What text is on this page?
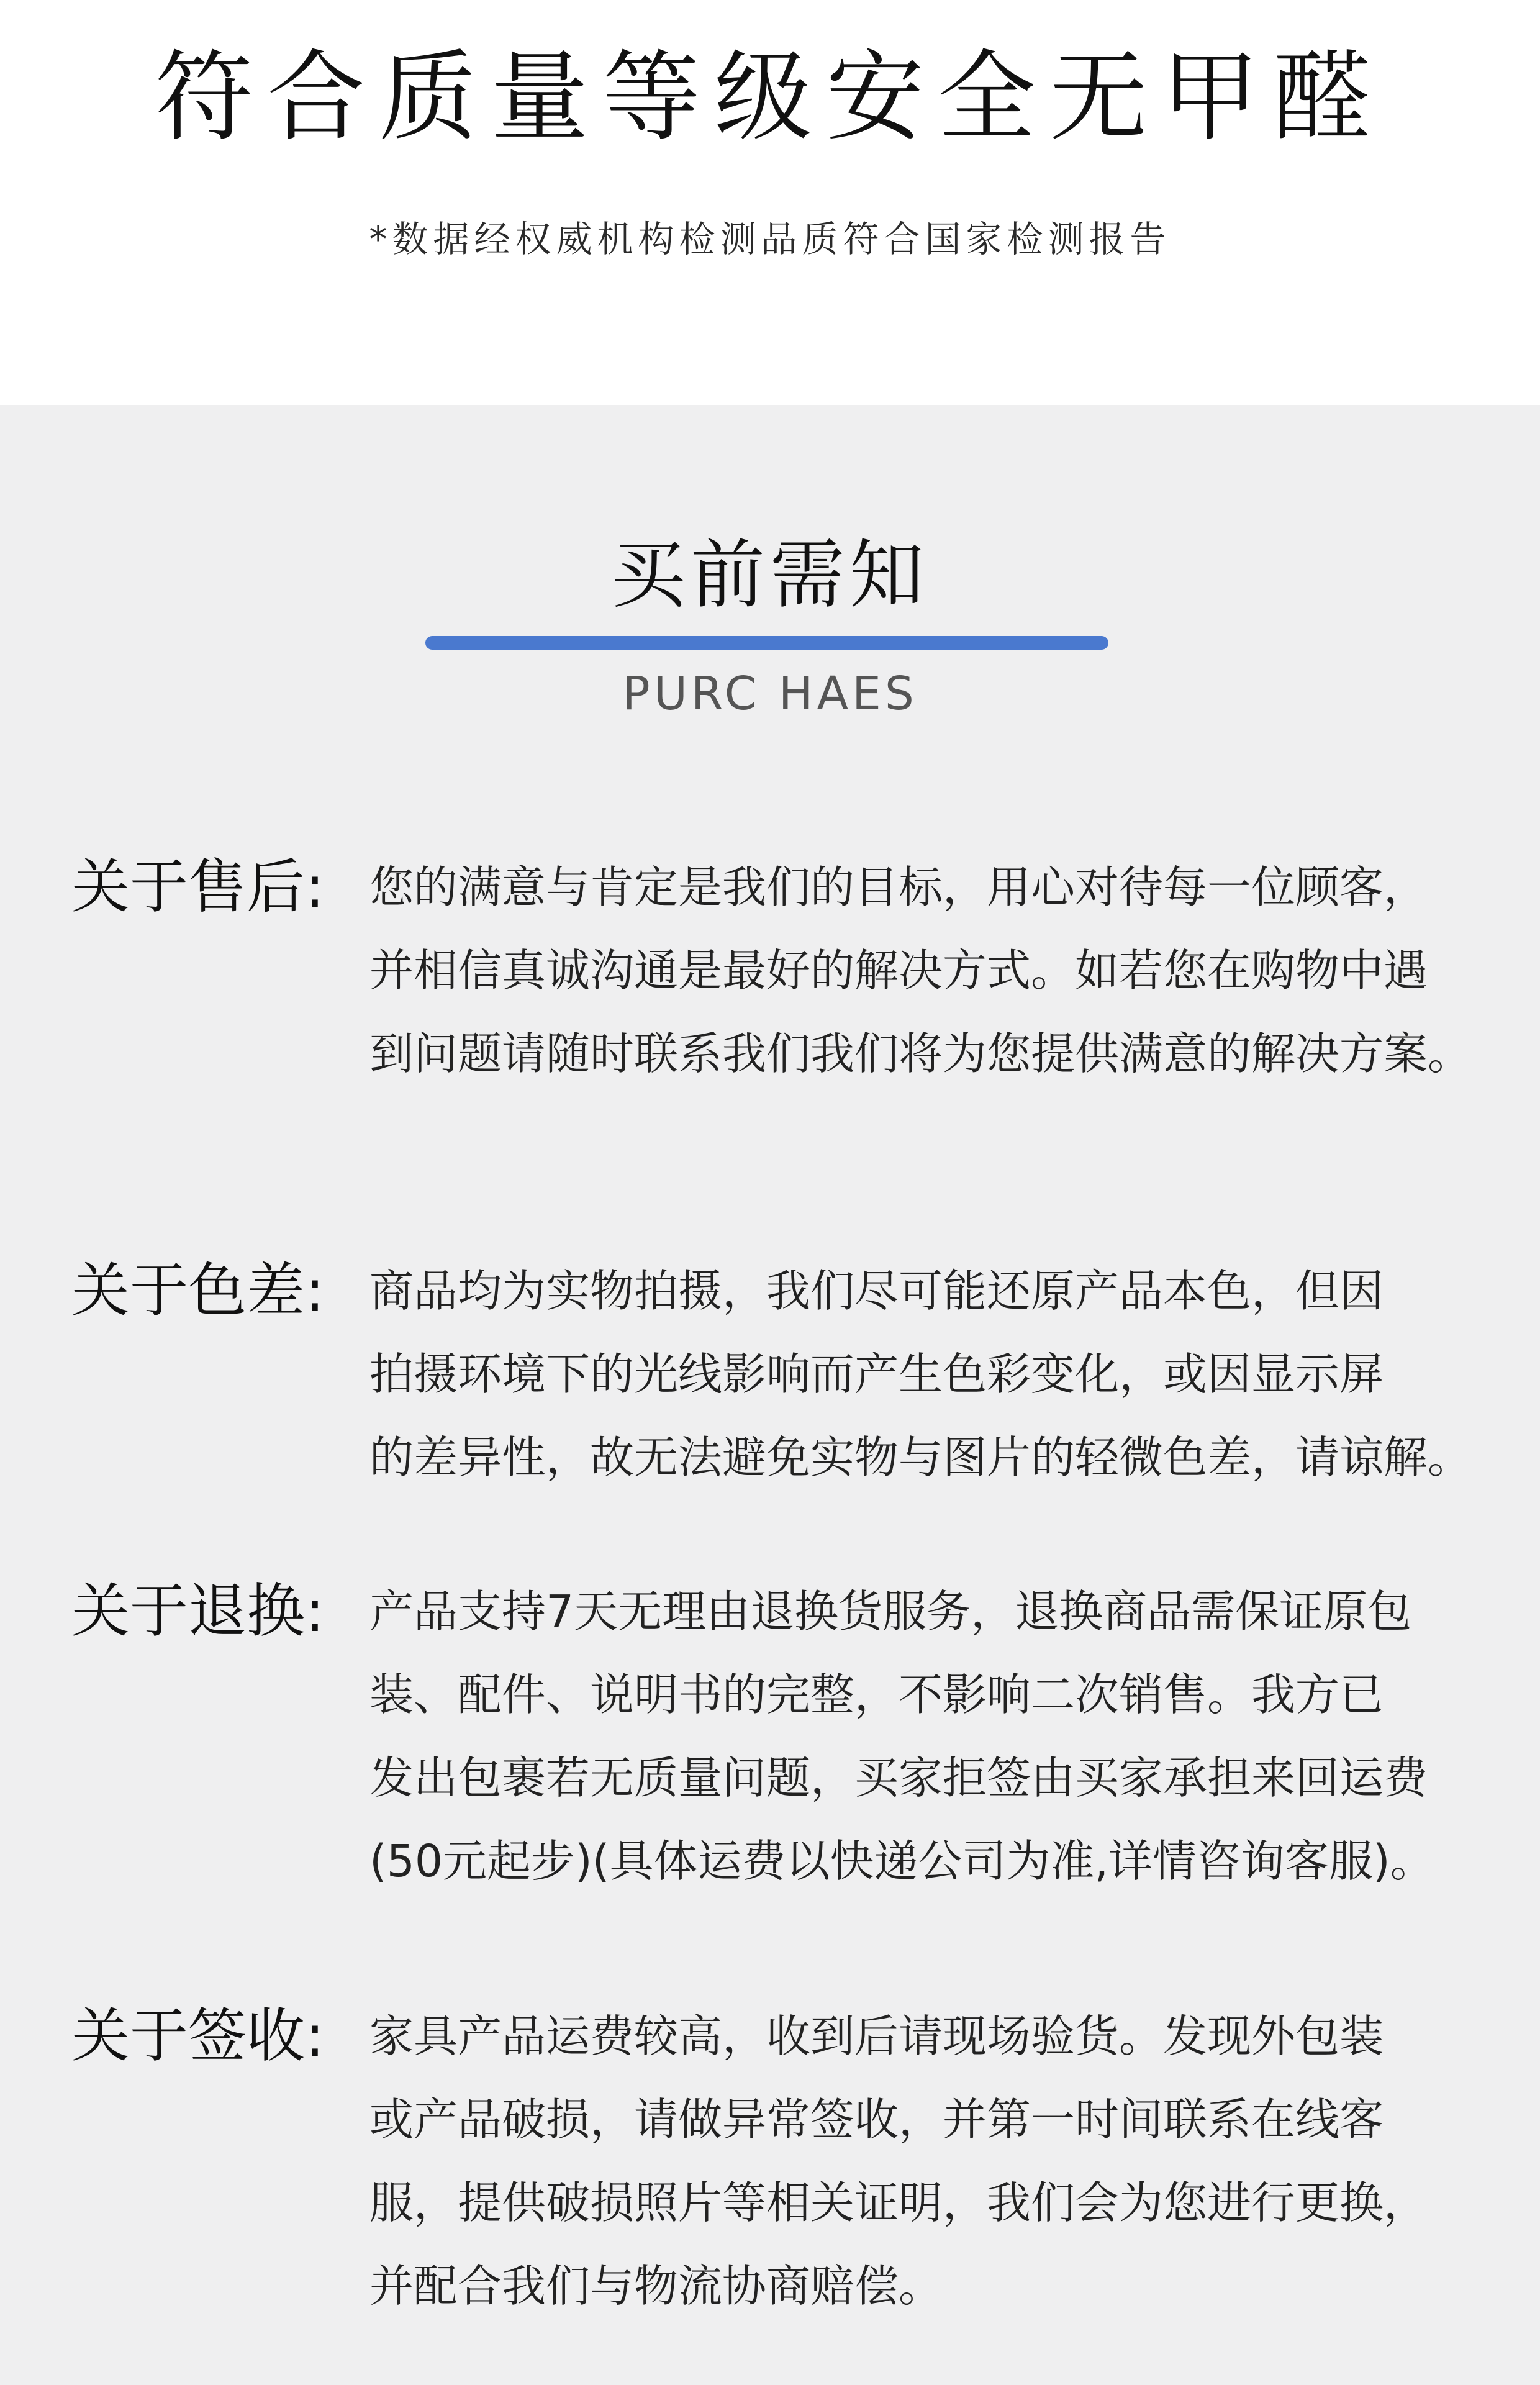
符合质量等级安全无甲醛
*数据经权威机构检测品质符合国家检测报告
买前需知
PURC HAES
关于售后: 您的满意与肯定是我们的目标，用心对待每一位顾客，
并相信真诚沟通是最好的解决方式。如若您在购物中遇
到问题请随时联系我们我们将为您提供满意的解决方案。
关于色差: 商品均为实物拍摄，我们尽可能还原产品本色，但因
拍摄环境下的光线影响而产生色彩变化，或因显示屏
的差异性，故无法避免实物与图片的轻微色差，请谅解。
关于退换: 产品支持7天无理由退换货服务，退换商品需保证原包
装、配件、说明书的完整，不影响二次销售。我方已
发出包裹若无质量问题，买家拒签由买家承担来回运费
(50元起步)(具体运费以快递公司为准,详情咨询客服)。
关于签收: 家具产品运费较高，收到后请现场验货。发现外包装
或产品破损，请做异常签收，并第一时间联系在线客
服，提供破损照片等相关证明，我们会为您进行更换，
并配合我们与物流协商赔偿。
